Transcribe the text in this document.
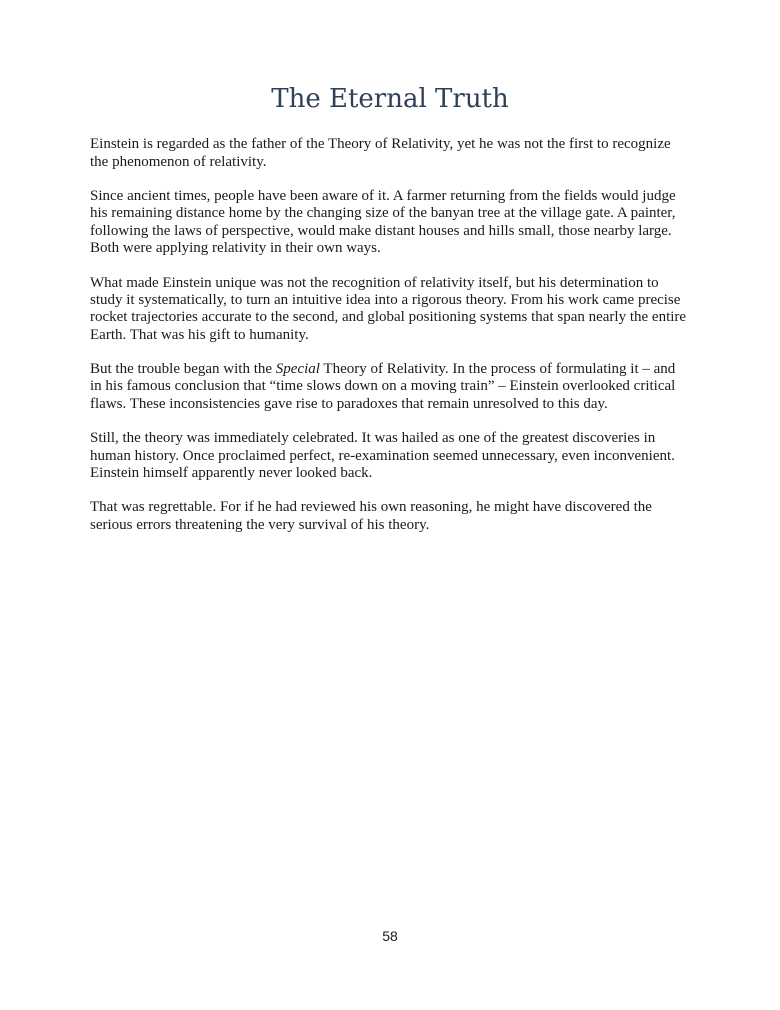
The Eternal Truth

Einstein is regarded as the father of the Theory of Relativity, yet he was not the first to recognize the phenomenon of relativity.

Since ancient times, people have been aware of it. A farmer returning from the fields would judge his remaining distance home by the changing size of the banyan tree at the village gate. A painter, following the laws of perspective, would make distant houses and hills small, those nearby large. Both were applying relativity in their own ways.

What made Einstein unique was not the recognition of relativity itself, but his determination to study it systematically, to turn an intuitive idea into a rigorous theory. From his work came precise rocket trajectories accurate to the second, and global positioning systems that span nearly the entire Earth. That was his gift to humanity.

But the trouble began with the Special Theory of Relativity. In the process of formulating it – and in his famous conclusion that “time slows down on a moving train” – Einstein overlooked critical flaws. These inconsistencies gave rise to paradoxes that remain unresolved to this day.

Still, the theory was immediately celebrated. It was hailed as one of the greatest discoveries in human history. Once proclaimed perfect, re-examination seemed unnecessary, even inconvenient. Einstein himself apparently never looked back.

That was regrettable. For if he had reviewed his own reasoning, he might have discovered the serious errors threatening the very survival of his theory.

58
